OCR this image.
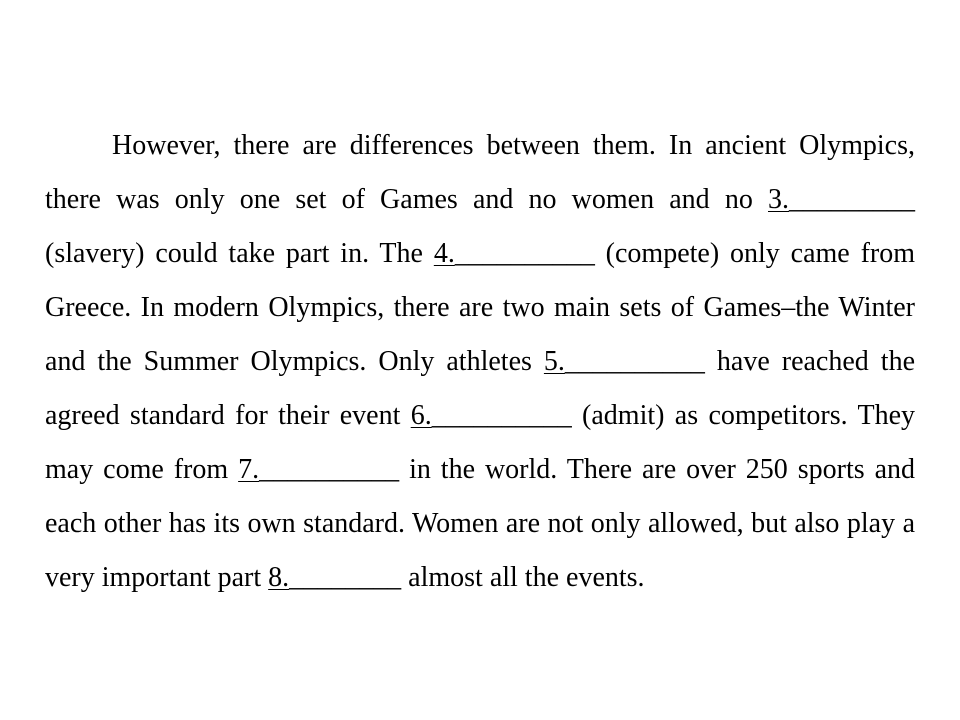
However, there are differences between them. In ancient Olympics, there was only one set of Games and no women and no 3._________ (slavery) could take part in. The 4.__________ (compete) only came from Greece. In modern Olympics, there are two main sets of Games–the Winter and the Summer Olympics. Only athletes 5.__________ have reached the agreed standard for their event 6.__________ (admit) as competitors. They may come from 7.__________ in the world. There are over 250 sports and each other has its own standard. Women are not only allowed, but also play a very important part 8.________ almost all the events.
